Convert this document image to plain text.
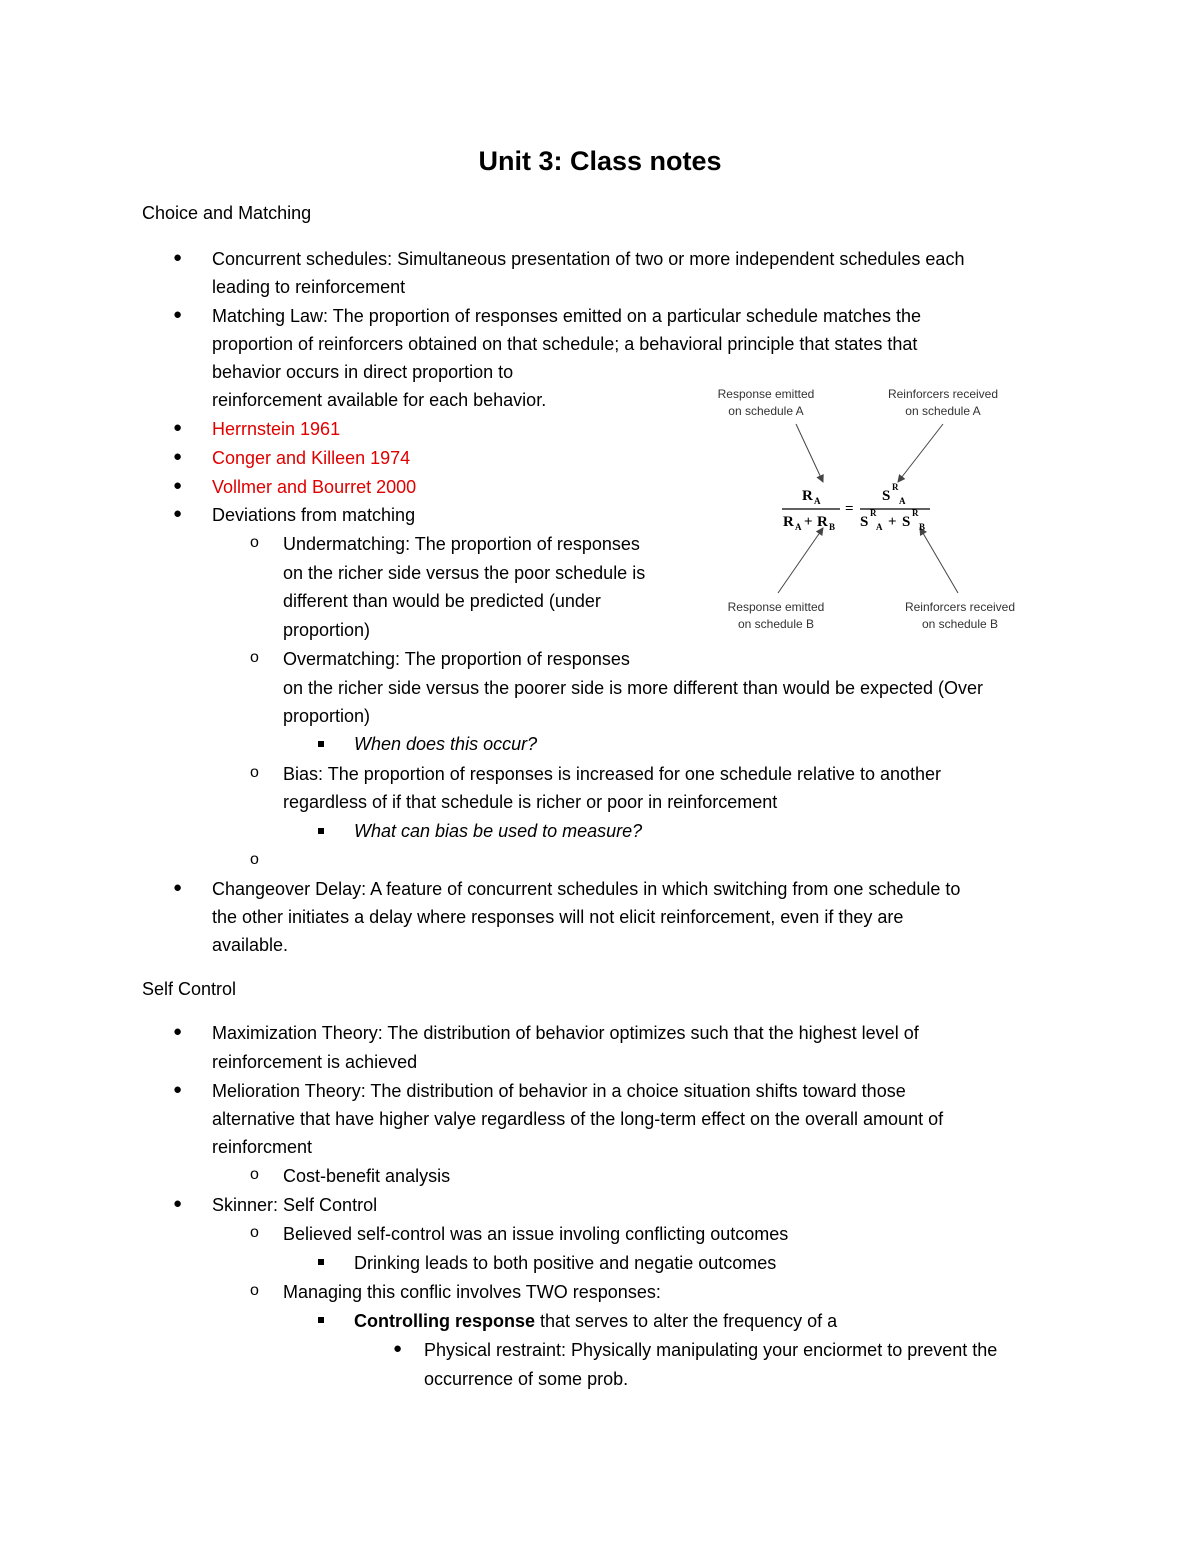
Unit 3: Class notes
Choice and Matching
● Concurrent schedules: Simultaneous presentation of two or more independent schedules each
leading to reinforcement
● Matching Law: The proportion of responses emitted on a particular schedule matches the
proportion of reinforcers obtained on that schedule; a behavioral principle that states that
behavior occurs in direct proportion to
reinforcement available for each behavior.
● Herrnstein 1961
● Conger and Killeen 1974
● Vollmer and Bourret 2000
● Deviations from matching
o Undermatching: The proportion of responses
on the richer side versus the poor schedule is
different than would be predicted (under
proportion)
o Overmatching: The proportion of responses
on the richer side versus the poorer side is more different than would be expected (Over
proportion)
When does this occur?
o Bias: The proportion of responses is increased for one schedule relative to another
regardless of if that schedule is richer or poor in reinforcement
What can bias be used to measure?
o
● Changeover Delay: A feature of concurrent schedules in which switching from one schedule to
the other initiates a delay where responses will not elicit reinforcement, even if they are
available.
Self Control
● Maximization Theory: The distribution of behavior optimizes such that the highest level of
reinforcement is achieved
● Melioration Theory: The distribution of behavior in a choice situation shifts toward those
alternative that have higher valye regardless of the long-term effect on the overall amount of
reinforcment
o Cost-benefit analysis
● Skinner: Self Control
o Believed self-control was an issue involing conflicting outcomes
Drinking leads to both positive and negatie outcomes
o Managing this conflic involves TWO responses:
Controlling response that serves to alter the frequency of a
● Physical restraint: Physically manipulating your enciormet to prevent the
occurrence of some prob.
Response emitted
on schedule A
Reinforcers received
on schedule A
Response emitted
on schedule B
Reinforcers received
on schedule B
R A
R A + R B
=
S
R
A
S
R
A + S
R
B
